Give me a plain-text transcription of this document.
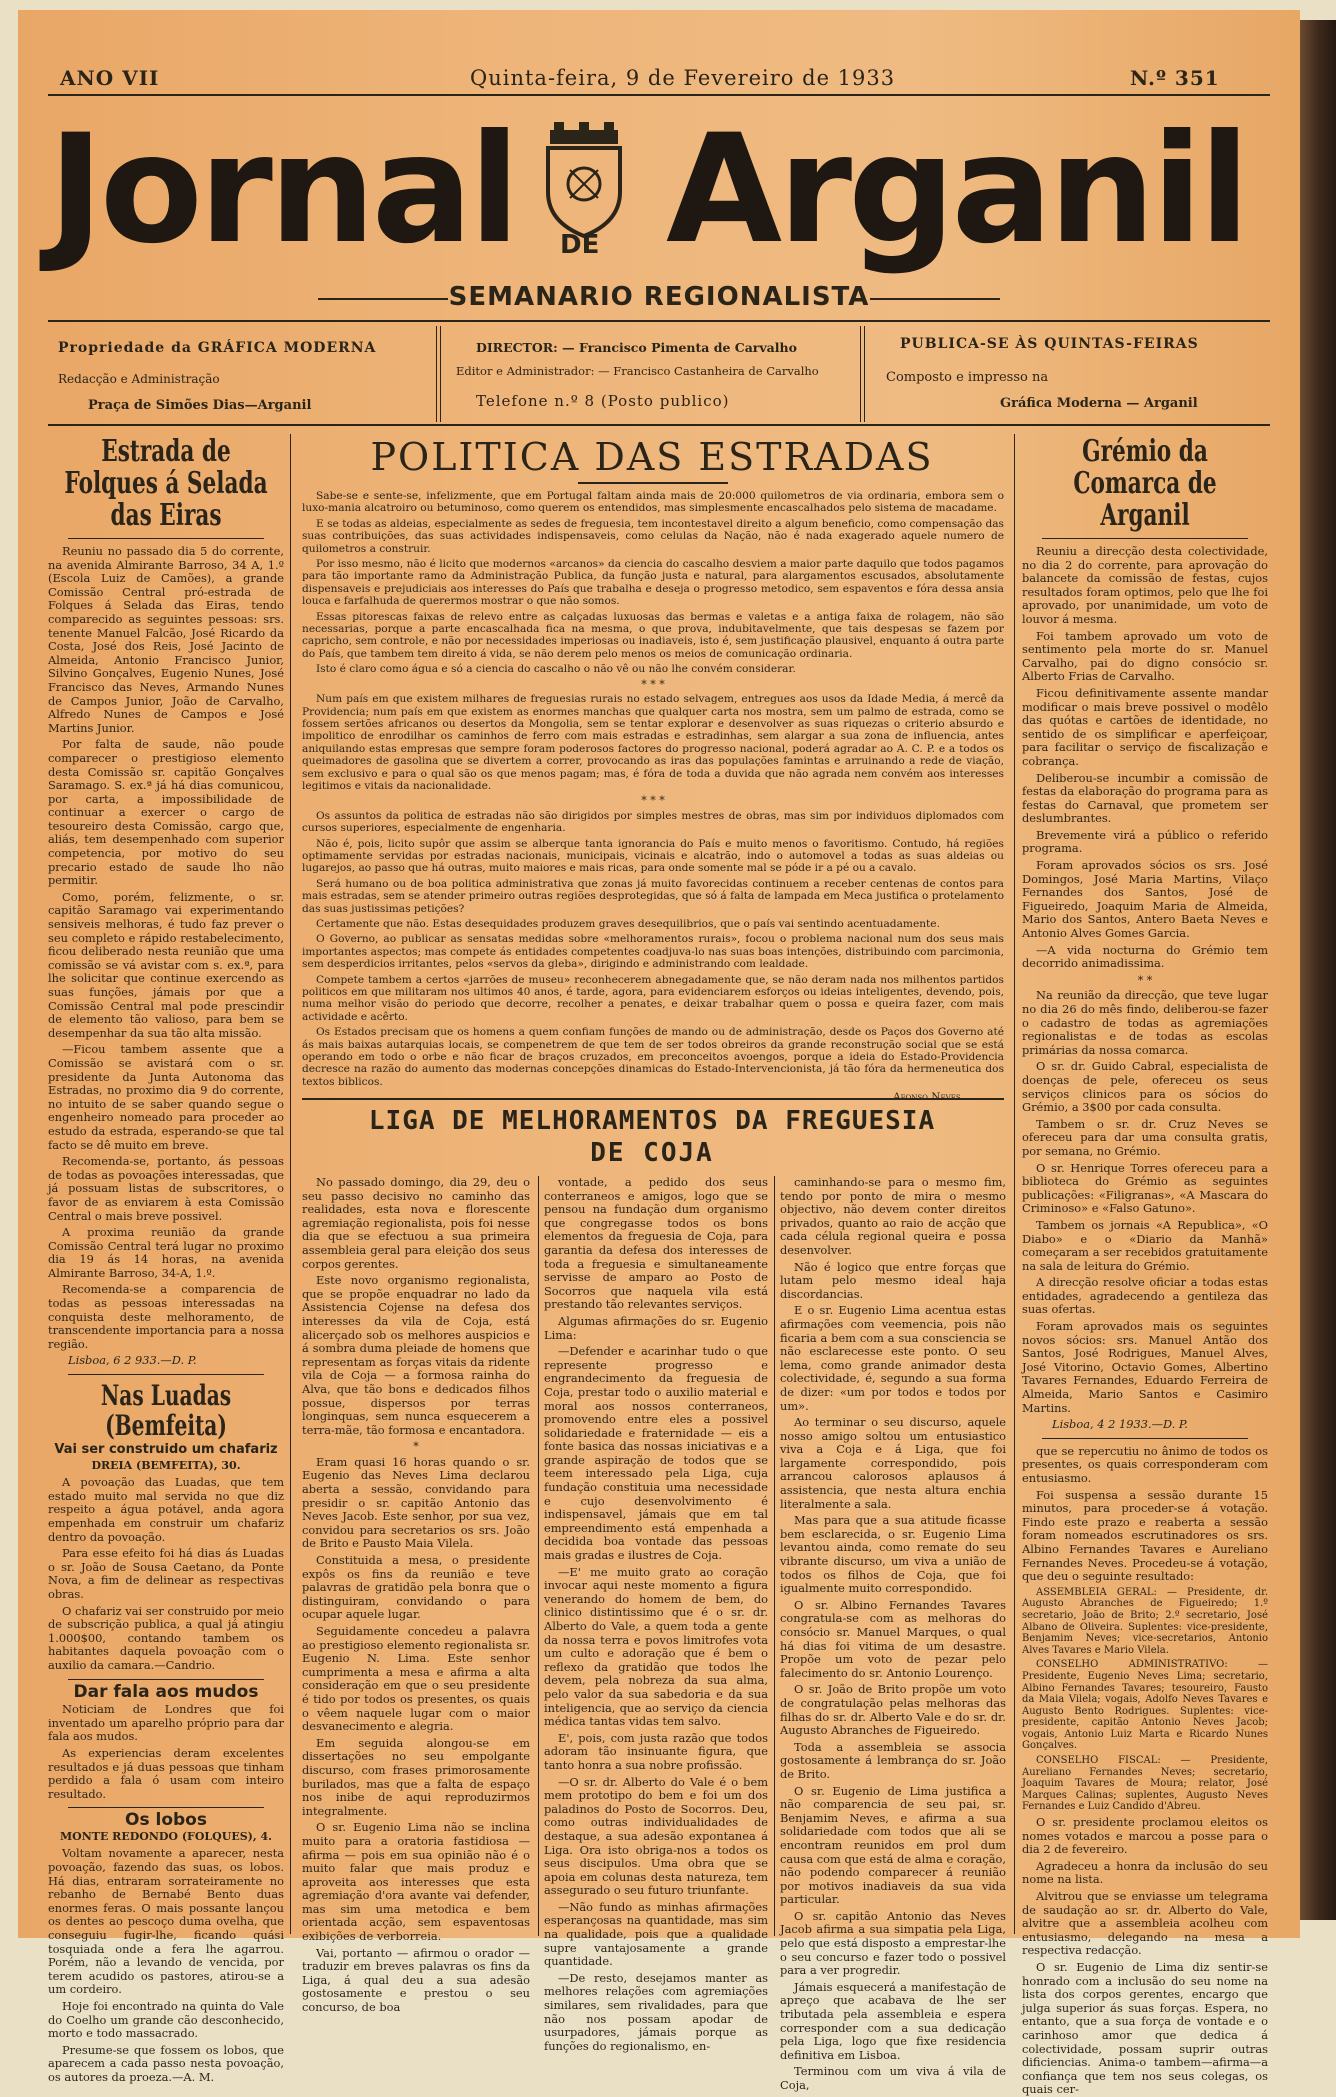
ANO VII	Quinta-feira, 9 de Fevereiro de 1933	N.º 351
Jornal DE Arganil
SEMANARIO REGIONALISTA
Propriedade da GRÁFICA MODERNA
Redacção e Administração
Praça de Simões Dias—Arganil
DIRECTOR: — Francisco Pimenta de Carvalho
Editor e Administrador: — Francisco Castanheira de Carvalho
Telefone n.º 8 (Posto publico)
PUBLICA-SE ÀS QUINTAS-FEIRAS
Composto e impresso na
Gráfica Moderna — Arganil
Estrada de Folques á Selada das Eiras

Reuniu no passado dia 5 do corrente, na avenida Almirante Barroso, 34 A, 1.º (Escola Luiz de Camões), a grande Comissão Central pró-estrada de Folques á Selada das Eiras, tendo comparecido as seguintes pessoas: srs. tenente Manuel Falcão, José Ricardo da Costa, José dos Reis, José Jacinto de Almeida, Antonio Francisco Junior, Silvino Gonçalves, Eugenio Nunes, José Francisco das Neves, Armando Nunes de Campos Junior, João de Carvalho, Alfredo Nunes de Campos e José Martins Junior.

Por falta de saude, não poude comparecer o prestigioso elemento desta Comissão sr. capitão Gonçalves Saramago. S. ex.ª já há dias comunicou, por carta, a impossibilidade de continuar a exercer o cargo de tesoureiro desta Comissão, cargo que, aliás, tem desempenhado com superior competencia, por motivo do seu precario estado de saude lho não permitir.

Como, porém, felizmente, o sr. capitão Saramago vai experimentando sensiveis melhoras, é tudo faz prever o seu completo e rápido restabelecimento, ficou deliberado nesta reunião que uma comissão se vá avistar com s. ex.ª, para lhe solicitar que continue exercendo as suas funções, jámais por que a Comissão Central mal pode prescindir de elemento tão valioso, para bem se desempenhar da sua tão alta missão.

—Ficou tambem assente que a Comissão se avistará com o sr. presidente da Junta Autonoma das Estradas, no proximo dia 9 do corrente, no intuito de se saber quando segue o engenheiro nomeado para proceder ao estudo da estrada, esperando-se que tal facto se dê muito em breve.

Recomenda-se, portanto, ás pessoas de todas as povoações interessadas, que já possuam listas de subscritores, o favor de as enviarem à esta Comissão Central o mais breve possivel.

A proxima reunião da grande Comissão Central terá lugar no proximo dia 19 ás 14 horas, na avenida Almirante Barroso, 34-A, 1.º.

Recomenda-se a comparencia de todas as pessoas interessadas na conquista deste melhoramento, de transcendente importancia para a nossa região.

Lisboa, 6 2 933.—D. P.
Nas Luadas (Bemfeita)
Vai ser construido um chafariz
DREIA (BEMFEITA), 30.

A povoação das Luadas, que tem estado muito mal servida no que diz respeito a água potável, anda agora empenhada em construir um chafariz dentro da povoação.

Para esse efeito foi há dias ás Luadas o sr. João de Sousa Caetano, da Ponte Nova, a fim de delinear as respectivas obras.

O chafariz vai ser construido por meio de subscrição publica, a qual já atingiu 1.000$00, contando tambem os habitantes daquela povoação com o auxilio da camara.—Candrio.

Dar fala aos mudos

Noticiam de Londres que foi inventado um aparelho próprio para dar fala aos mudos.

As experiencias deram excelentes resultados e já duas pessoas que tinham perdido a fala ó usam com inteiro resultado.

Os lobos
MONTE REDONDO (FOLQUES), 4.

Voltam novamente a aparecer, nesta povoação, fazendo das suas, os lobos. Há dias, entraram sorrateiramente no rebanho de Bernabé Bento duas enormes feras. O mais possante lançou os dentes ao pescoço duma ovelha, que conseguiu fugir-lhe, ficando quási tosquiada onde a fera lhe agarrou. Porém, não a levando de vencida, por terem acudido os pastores, atirou-se a um cordeiro.

Hoje foi encontrado na quinta do Vale do Coelho um grande cão desconhecido, morto e todo massacrado.

Presume-se que fossem os lobos, que aparecem a cada passo nesta povoação, os autores da proeza.—A. M.

POLITICA DAS ESTRADAS

Sabe-se e sente-se, infelizmente, que em Portugal faltam ainda mais de 20:000 quilometros de via ordinaria, embora sem o luxo-mania alcatroiro ou betuminoso, como querem os entendidos, mas simplesmente encascalhados pelo sistema de macadame.

E se todas as aldeias, especialmente as sedes de freguesia, tem incontestavel direito a algum beneficio, como compensação das suas contribuições, das suas actividades indispensaveis, como celulas da Nação, não é nada exagerado aquele numero de quilometros a construir.

Por isso mesmo, não é licito que modernos «arcanos» da ciencia do cascalho desviem a maior parte daquilo que todos pagamos para tão importante ramo da Administração Publica, da função justa e natural, para alargamentos escusados, absolutamente dispensaveis e prejudiciais aos interesses do País que trabalha e deseja o progresso metodico, sem espaventos e fóra dessa ansia louca e farfalhuda de querermos mostrar o que não somos.

Essas pitorescas faixas de relevo entre as calçadas luxuosas das bermas e valetas e a antiga faixa de rolagem, não são necessarias, porque a parte encascalhada fica na mesma, o que prova, indubitavelmente, que tais despesas se fazem por capricho, sem controle, e não por necessidades imperiosas ou inadiaveis, isto é, sem justificação plausivel, enquanto á outra parte do País, que tambem tem direito á vida, se não derem pelo menos os meios de comunicação ordinaria.

Isto é claro como água e só a ciencia do cascalho o não vê ou não lhe convém considerar.

* * *

Num país em que existem milhares de freguesias rurais no estado selvagem, entregues aos usos da Idade Media, á mercê da Providencia; num país em que existem as enormes manchas que qualquer carta nos mostra, sem um palmo de estrada, como se fossem sertões africanos ou desertos da Mongolia, sem se tentar explorar e desenvolver as suas riquezas o criterio absurdo e impolitico de enrodilhar os caminhos de ferro com mais estradas e estradinhas, sem alargar a sua zona de influencia, antes aniquilando estas empresas que sempre foram poderosos factores do progresso nacional, poderá agradar ao A. C. P. e a todos os queimadores de gasolina que se divertem a correr, provocando as iras das populações famintas e arruinando a rede de viação, sem exclusivo e para o qual são os que menos pagam; mas, é fóra de toda a duvida que não agrada nem convém aos interesses legitimos e vitais da nacionalidade.

* * *

Os assuntos da politica de estradas não são dirigidos por simples mestres de obras, mas sim por individuos diplomados com cursos superiores, especialmente de engenharia.

Não é, pois, licito supôr que assim se alberque tanta ignorancia do País e muito menos o favoritismo. Contudo, há regiões optimamente servidas por estradas nacionais, municipais, vicinais e alcatrão, indo o automovel a todas as suas aldeias ou lugarejos, ao passo que há outras, muito maiores e mais ricas, para onde somente mal se póde ir a pé ou a cavalo.

Será humano ou de boa politica administrativa que zonas já muito favorecidas continuem a receber centenas de contos para mais estradas, sem se atender primeiro outras regiões desprotegidas, que só á falta de lampada em Meca justifica o protelamento das suas justissimas petições?

Certamente que não. Estas desequidades produzem graves desequilibrios, que o país vai sentindo acentuadamente.

O Governo, ao publicar as sensatas medidas sobre «melhoramentos rurais», focou o problema nacional num dos seus mais importantes aspectos; mas compete ás entidades competentes coadjuva-lo nas suas boas intenções, distribuindo com parcimonia, sem desperdicios irritantes, pelos «servos da gleba», dirigindo e administrando com lealdade.

Compete tambem a certos «jarrões de museu» reconhecerem abnegadamente que, se não deram nada nos milhentos partidos politicos em que militaram nos ultimos 40 anos, é tarde, agora, para evidenciarem esforços ou ideias inteligentes, devendo, pois, numa melhor visão do periodo que decorre, recolher a penates, e deixar trabalhar quem o possa e queira fazer, com mais actividade e acêrto.

Os Estados precisam que os homens a quem confiam funções de mando ou de administração, desde os Paços dos Governo até ás mais baixas autarquias locais, se compenetrem de que tem de ser todos obreiros da grande reconstrução social que se está operando em todo o orbe e não ficar de braços cruzados, em preconceitos avoengos, porque a ideia do Estado-Providencia decresce na razão do aumento das modernas concepções dinamicas do Estado-Intervencionista, já tão fóra da hermeneutica dos textos biblicos.

LIGA DE MELHORAMENTOS DA FREGUESIA
DE COJA

No passado domingo, dia 29, deu o seu passo decisivo no caminho das realidades, esta nova e florescente agremiação regionalista, pois foi nesse dia que se efectuou a sua primeira assembleia geral para eleição dos seus corpos gerentes.

Este novo organismo regionalista, que se propõe enquadrar no lado da Assistencia Cojense na defesa dos interesses da vila de Coja, está alicerçado sob os melhores auspicios e á sombra duma pleiade de homens que representam as forças vitais da ridente vila de Coja — a formosa rainha do Alva, que tão bons e dedicados filhos possue, dispersos por terras longinquas, sem nunca esquecerem a terra-mãe, tão formosa e encantadora.

*

Eram quasi 16 horas quando o sr. Eugenio das Neves Lima declarou aberta a sessão, convidando para presidir o sr. capitão Antonio das Neves Jacob. Este senhor, por sua vez, convidou para secretarios os srs. João de Brito e Pausto Maia Vilela.

Constituida a mesa, o presidente expôs os fins da reunião e teve palavras de gratidão pela bonra que o distinguiram, convidando o para ocupar aquele lugar.

Seguidamente concedeu a palavra ao prestigioso elemento regionalista sr. Eugenio N. Lima. Este senhor cumprimenta a mesa e afirma a alta consideração em que o seu presidente é tido por todos os presentes, os quais o vêem naquele lugar com o maior desvanecimento e alegria.

Em seguida alongou-se em dissertações no seu empolgante discurso, com frases primorosamente burilados, mas que a falta de espaço nos inibe de aqui reproduzirmos integralmente.

O sr. Eugenio Lima não se inclina muito para a oratoria fastidiosa — afirma — pois em sua opinião não é o muito falar que mais produz e aproveita aos interesses que esta agremiação d'ora avante vai defender, mas sim uma metodica e bem orientada acção, sem espaventosas exibições de verborreia.

Vai, portanto — afirmou o orador — traduzir em breves palavras os fins da Liga, á qual deu a sua adesão gostosamente e prestou o seu concurso, de boa

vontade, a pedido dos seus conterraneos e amigos, logo que se pensou na fundação dum organismo que congregasse todos os bons elementos da freguesia de Coja, para garantia da defesa dos interesses de toda a freguesia e simultaneamente servisse de amparo ao Posto de Socorros que naquela vila está prestando tão relevantes serviços.

Algumas afirmações do sr. Eugenio Lima:

—Defender e acarinhar tudo o que represente progresso e engrandecimento da freguesia de Coja, prestar todo o auxilio material e moral aos nossos conterraneos, promovendo entre eles a possivel solidariedade e fraternidade — eis a fonte basica das nossas iniciativas e a grande aspiração de todos que se teem interessado pela Liga, cuja fundação constituia uma necessidade e cujo desenvolvimento é indispensavel, jámais que em tal empreendimento está empenhada a decidida boa vontade das pessoas mais gradas e ilustres de Coja.

—E' me muito grato ao coração invocar aqui neste momento a figura venerando do homem de bem, do clinico distintissimo que é o sr. dr. Alberto do Vale, a quem toda a gente da nossa terra e povos limitrofes vota um culto e adoração que é bem o reflexo da gratidão que todos lhe devem, pela nobreza da sua alma, pelo valor da sua sabedoria e da sua inteligencia, que ao serviço da ciencia médica tantas vidas tem salvo.

E', pois, com justa razão que todos adoram tão insinuante figura, que tanto honra a sua nobre profissão.

—O sr. dr. Alberto do Vale é o bem mem prototipo do bem e foi um dos paladinos do Posto de Socorros. Deu, como outras individualidades de destaque, a sua adesão expontanea á Liga. Ora isto obriga-nos a todos os seus discipulos. Uma obra que se apoia em colunas desta natureza, tem assegurado o seu futuro triunfante.

—Não fundo as minhas afirmações esperançosas na quantidade, mas sim na qualidade, pois que a qualidade supre vantajosamente a grande quantidade.

—De resto, desejamos manter as melhores relações com agremiações similares, sem rivalidades, para que não nos possam apodar de usurpadores, jámais porque as funções do regionalismo, en-

caminhando-se para o mesmo fim, tendo por ponto de mira o mesmo objectivo, não devem conter direitos privados, quanto ao raio de acção que cada célula regional queira e possa desenvolver.

Não é logico que entre forças que lutam pelo mesmo ideal haja discordancias.

E o sr. Eugenio Lima acentua estas afirmações com veemencia, pois não ficaria a bem com a sua consciencia se não esclarecesse este ponto. O seu lema, como grande animador desta colectividade, é, segundo a sua forma de dizer: «um por todos e todos por um».

Ao terminar o seu discurso, aquele nosso amigo soltou um entusiastico viva a Coja e á Liga, que foi largamente correspondido, pois arrancou calorosos aplausos á assistencia, que nesta altura enchia literalmente a sala.

Mas para que a sua atitude ficasse bem esclarecida, o sr. Eugenio Lima levantou ainda, como remate do seu vibrante discurso, um viva a união de todos os filhos de Coja, que foi igualmente muito correspondido.

O sr. Albino Fernandes Tavares congratula-se com as melhoras do consócio sr. Manuel Marques, o qual há dias foi vitima de um desastre. Propõe um voto de pezar pelo falecimento do sr. Antonio Lourenço.

O sr. João de Brito propõe um voto de congratulação pelas melhoras das filhas do sr. dr. Alberto Vale e do sr. dr. Augusto Abranches de Figueiredo.

Toda a assembleia se associa gostosamente á lembrança do sr. João de Brito.

O sr. Eugenio de Lima justifica a não comparencia de seu pai, sr. Benjamim Neves, e afirma a sua solidariedade com todos que ali se encontram reunidos em prol dum causa com que está de alma e coração, não podendo comparecer á reunião por motivos inadiaveis da sua vida particular.

O sr. capitão Antonio das Neves Jacob afirma a sua simpatia pela Liga, pelo que está disposto a emprestar-lhe o seu concurso e fazer todo o possivel para a ver progredir.

Jámais esquecerá a manifestação de apreço que acabava de lhe ser tributada pela assembleia e espera corresponder com a sua dedicação pela Liga, logo que fixe residencia definitiva em Lisboa.

Terminou com um viva á vila de Coja,

Grémio da Comarca de Arganil

Reuniu a direcção desta colectividade, no dia 2 do corrente, para aprovação do balancete da comissão de festas, cujos resultados foram optimos, pelo que lhe foi aprovado, por unanimidade, um voto de louvor á mesma.

Foi tambem aprovado um voto de sentimento pela morte do sr. Manuel Carvalho, pai do digno consócio sr. Alberto Frias de Carvalho.

Ficou definitivamente assente mandar modificar o mais breve possivel o modêlo das quótas e cartões de identidade, no sentido de os simplificar e aperfeiçoar, para facilitar o serviço de fiscalização e cobrança.

Deliberou-se incumbir a comissão de festas da elaboração do programa para as festas do Carnaval, que prometem ser deslumbrantes.

Brevemente virá a público o referido programa.

Foram aprovados sócios os srs. José Domingos, José Maria Martins, Vilaço Fernandes dos Santos, José de Figueiredo, Joaquim Maria de Almeida, Mario dos Santos, Antero Baeta Neves e Antonio Alves Gomes Garcia.

—A vida nocturna do Grémio tem decorrido animadissima.

* *

Na reunião da direcção, que teve lugar no dia 26 do mês findo, deliberou-se fazer o cadastro de todas as agremiações regionalistas e de todas as escolas primárias da nossa comarca.

O sr. dr. Guido Cabral, especialista de doenças de pele, ofereceu os seus serviços clinicos para os sócios do Grémio, a 3$00 por cada consulta.

Tambem o sr. dr. Cruz Neves se ofereceu para dar uma consulta gratis, por semana, no Grémio.

O sr. Henrique Torres ofereceu para a biblioteca do Grémio as seguintes publicações: «Filigranas», «A Mascara do Criminoso» e «Falso Gatuno».

Tambem os jornais «A Republica», «O Diabo» e o «Diario da Manhã» começaram a ser recebidos gratuitamente na sala de leitura do Grémio.

A direcção resolve oficiar a todas estas entidades, agradecendo a gentileza das suas ofertas.

Foram aprovados mais os seguintes novos sócios: srs. Manuel Antão dos Santos, José Rodrigues, Manuel Alves, José Vitorino, Octavio Gomes, Albertino Tavares Fernandes, Eduardo Ferreira de Almeida, Mario Santos e Casimiro Martins.

Lisboa, 4 2 1933.—D. P.

que se repercutiu no ânimo de todos os presentes, os quais corresponderam com entusiasmo.

Foi suspensa a sessão durante 15 minutos, para proceder-se á votação. Findo este prazo e reaberta a sessão foram nomeados escrutinadores os srs. Albino Fernandes Tavares e Aureliano Fernandes Neves. Procedeu-se á votação, que deu o seguinte resultado:

ASSEMBLEIA GERAL: — Presidente, dr. Augusto Abranches de Figueiredo; 1.º secretario, João de Brito; 2.º secretario, José Albano de Oliveira. Suplentes: vice-presidente, Benjamim Neves; vice-secretarios, Antonio Alves Tavares e Mario Vilela.

CONSELHO ADMINISTRATIVO: — Presidente, Eugenio Neves Lima; secretario, Albino Fernandes Tavares; tesoureiro, Fausto da Maia Vilela; vogais, Adolfo Neves Tavares e Augusto Bento Rodrigues. Suplentes: vice-presidente, capitão Antonio Neves Jacob; vogais, Antonio Luiz Marta e Ricardo Nunes Gonçalves.

CONSELHO FISCAL: — Presidente, Aureliano Fernandes Neves; secretario, Joaquim Tavares de Moura; relator, José Marques Calinas; suplentes, Augusto Neves Fernandes e Luiz Candido d'Abreu.

O sr. presidente proclamou eleitos os nomes votados e marcou a posse para o dia 2 de fevereiro.

Agradeceu a honra da inclusão do seu nome na lista.

Alvitrou que se enviasse um telegrama de saudação ao sr. dr. Alberto do Vale, alvitre que a assembleia acolheu com entusiasmo, delegando na mesa a respectiva redacção.

O sr. Eugenio de Lima diz sentir-se honrado com a inclusão do seu nome na lista dos corpos gerentes, encargo que julga superior ás suas forças. Espera, no entanto, que a sua força de vontade e o carinhoso amor que dedica á colectividade, possam suprir outras dificiencias. Anima-o tambem—afirma—a confiança que tem nos seus colegas, os quais cer-
